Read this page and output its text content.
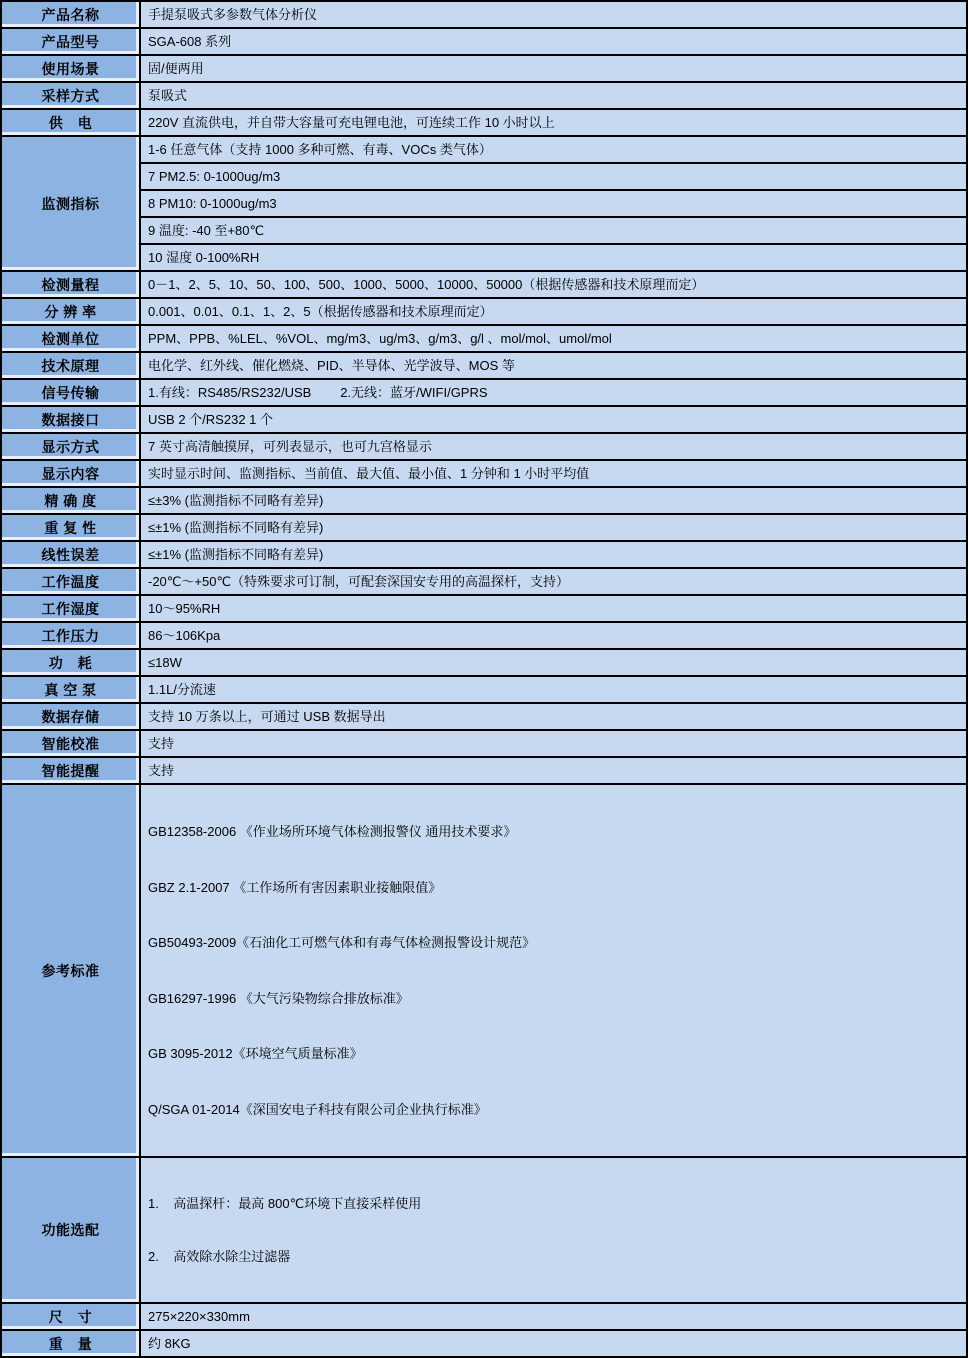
产品名称	手提泵吸式多参数气体分析仪
产品型号	SGA-608 系列
使用场景	固/便两用
采样方式	泵吸式
供　电	220V 直流供电，并自带大容量可充电锂电池，可连续工作 10 小时以上
监测指标	1-6 任意气体（支持 1000 多种可燃、有毒、VOCs 类气体）
	7 PM2.5: 0-1000ug/m3
	8 PM10: 0-1000ug/m3
	9 温度: -40 至+80℃
	10 湿度 0-100%RH
检测量程	0－1、2、5、10、50、100、500、1000、5000、10000、50000（根据传感器和技术原理而定）
分 辨 率	0.001、0.01、0.1、1、2、5（根据传感器和技术原理而定）
检测单位	PPM、PPB、%LEL、%VOL、mg/m3、ug/m3、g/m3、g/l 、mol/mol、umol/mol
技术原理	电化学、红外线、催化燃烧、PID、半导体、光学波导、MOS 等
信号传输	1.有线：RS485/RS232/USB        2.无线：蓝牙/WIFI/GPRS
数据接口	USB 2 个/RS232 1 个
显示方式	7 英寸高清触摸屏，可列表显示，也可九宫格显示
显示内容	实时显示时间、监测指标、当前值、最大值、最小值、1 分钟和 1 小时平均值
精 确 度	≤±3% (监测指标不同略有差异)
重 复 性	≤±1% (监测指标不同略有差异)
线性误差	≤±1% (监测指标不同略有差异)
工作温度	-20℃～+50℃（特殊要求可订制，可配套深国安专用的高温探杆，支持）
工作湿度	10～95%RH
工作压力	86～106Kpa
功　耗	≤18W
真 空 泵	1.1L/分流速
数据存储	支持 10 万条以上，可通过 USB 数据导出
智能校准	支持
智能提醒	支持
参考标准	

GB12358-2006 《作业场所环境气体检测报警仪 通用技术要求》

GBZ 2.1-2007 《工作场所有害因素职业接触限值》

GB50493-2009《石油化工可燃气体和有毒气体检测报警设计规范》

GB16297-1996 《大气污染物综合排放标准》

GB 3095-2012《环境空气质量标准》

Q/SGA 01-2014《深国安电子科技有限公司企业执行标准》

功能选配	1.    高温探杆：最高 800℃环境下直接采样使用

2.    高效除水除尘过滤器

尺　寸	275×220×330mm
重　量	约 8KG
